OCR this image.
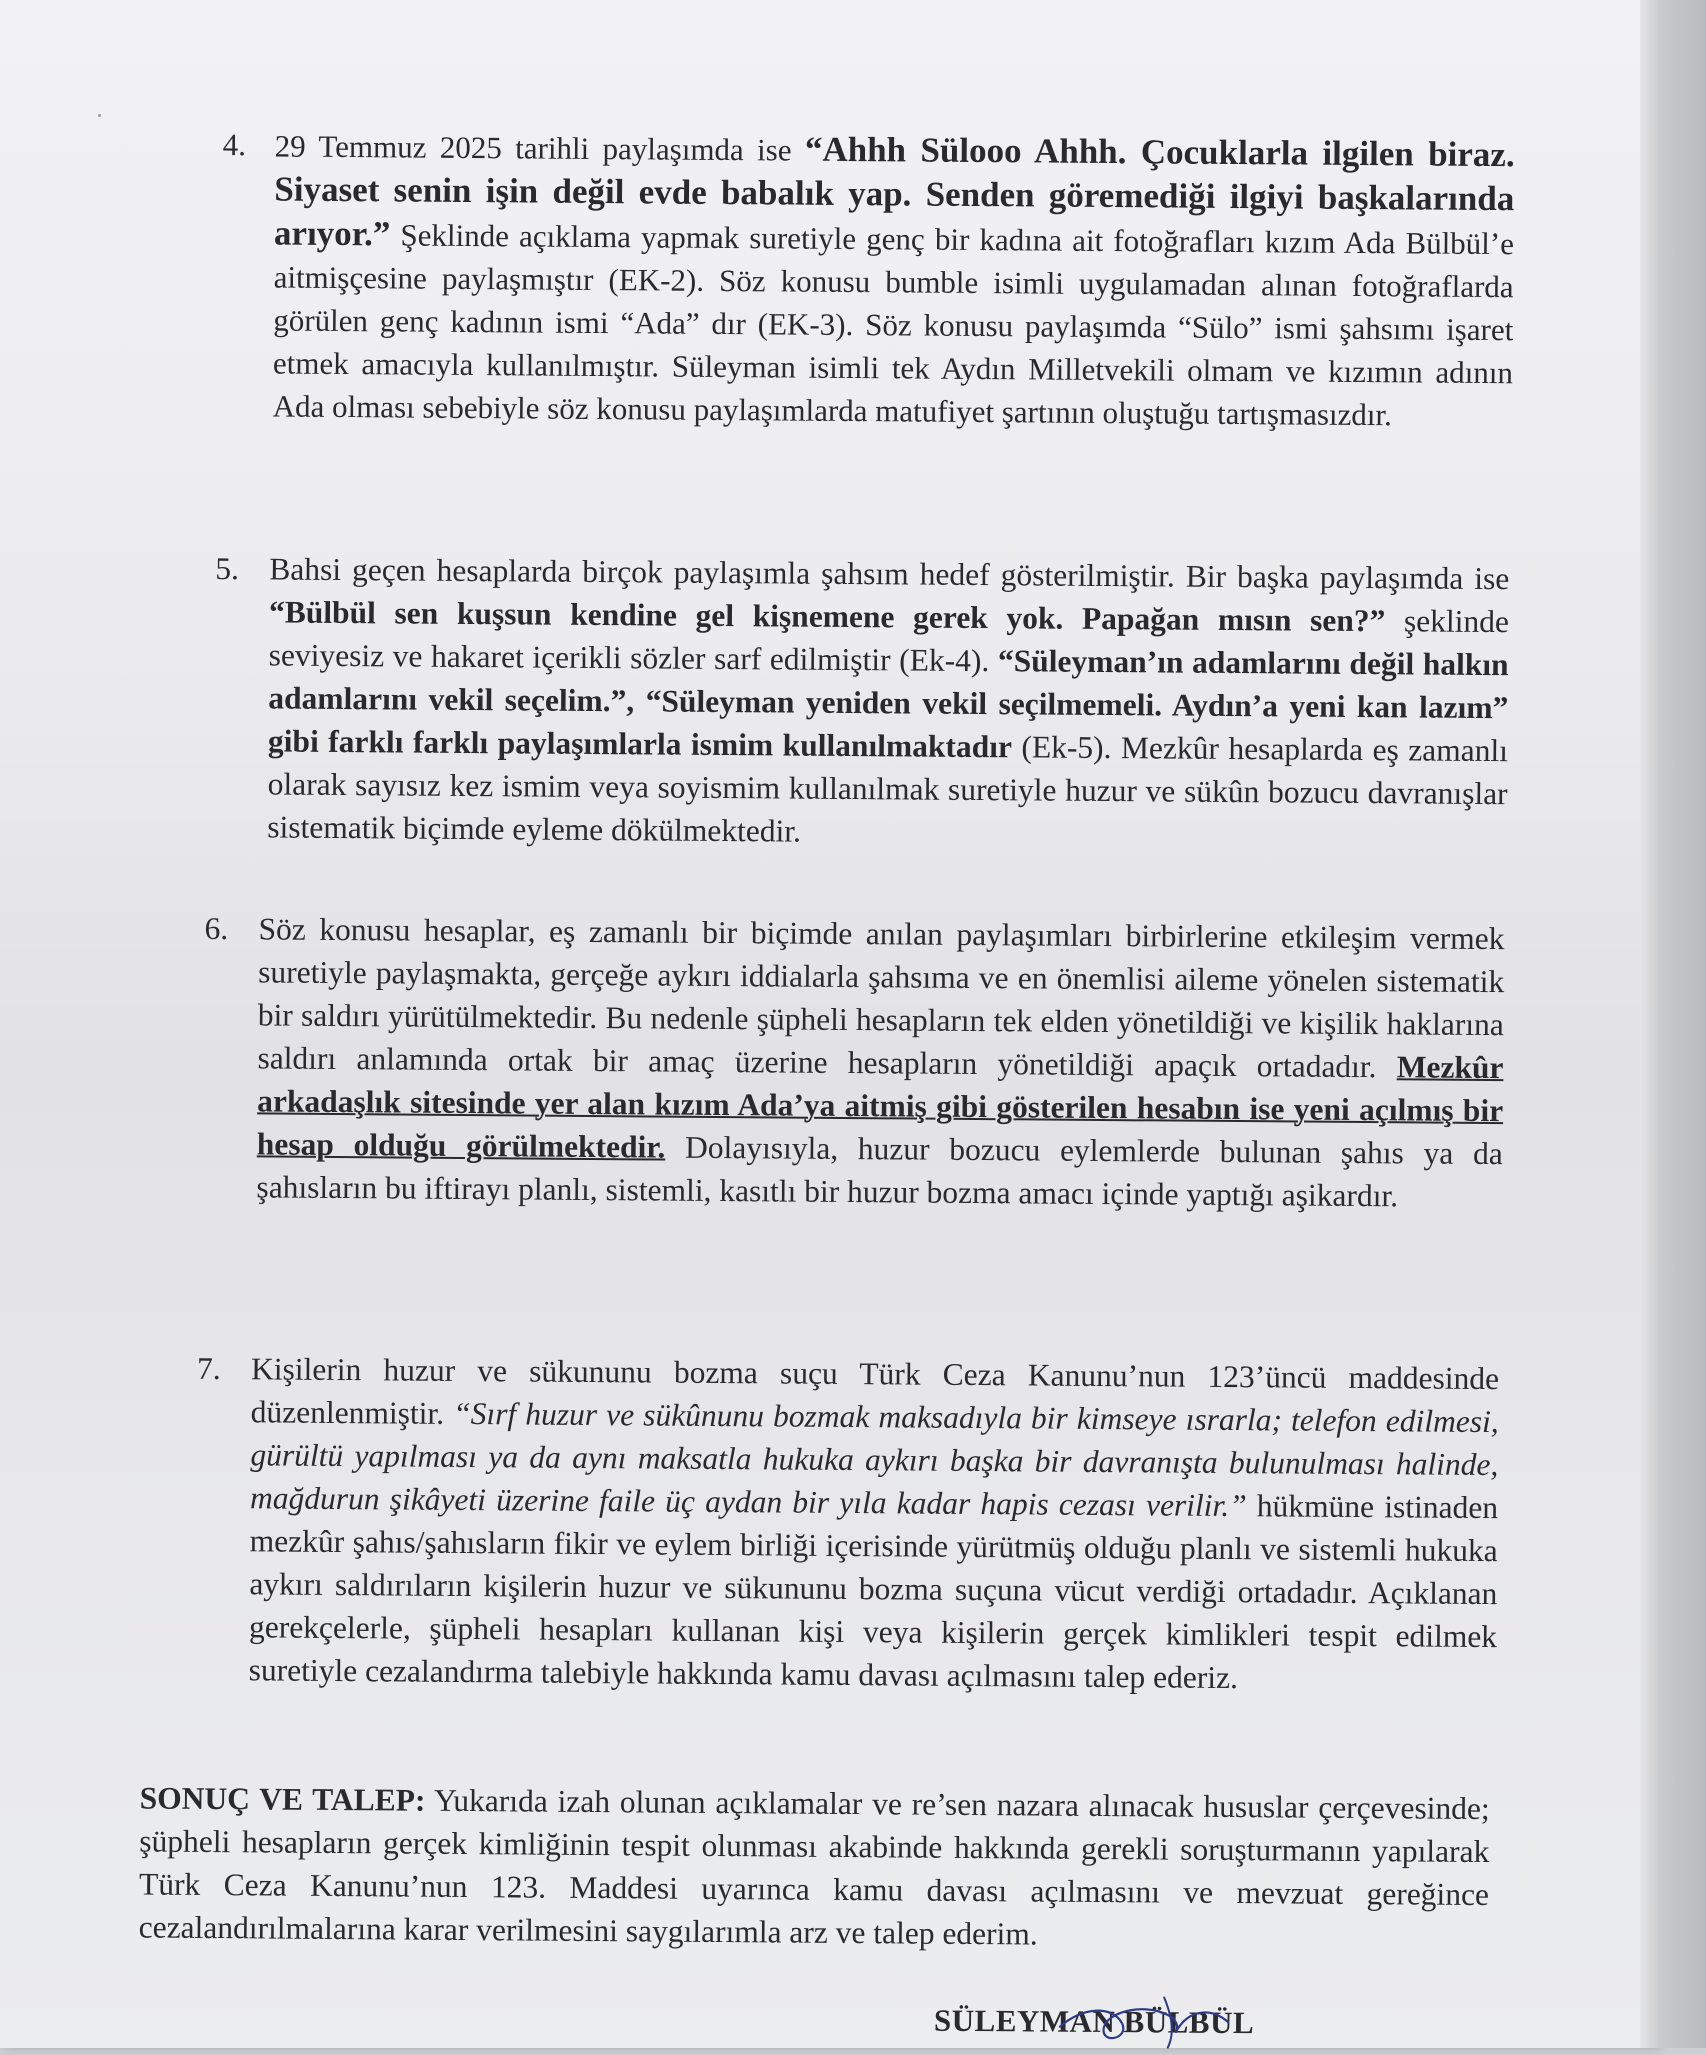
4. 29 Temmuz 2025 tarihli paylaşımda ise “Ahhh Sülooo Ahhh. Çocuklarla ilgilen biraz. Siyaset senin işin değil evde babalık yap. Senden göremediği ilgiyi başkalarında arıyor.” Şeklinde açıklama yapmak suretiyle genç bir kadına ait fotoğrafları kızım Ada Bülbül’e aitmişçesine paylaşmıştır (EK-2). Söz konusu bumble isimli uygulamadan alınan fotoğraflarda görülen genç kadının ismi “Ada” dır (EK-3). Söz konusu paylaşımda “Sülo” ismi şahsımı işaret etmek amacıyla kullanılmıştır. Süleyman isimli tek Aydın Milletvekili olmam ve kızımın adının Ada olması sebebiyle söz konusu paylaşımlarda matufiyet şartının oluştuğu tartışmasızdır.

5. Bahsi geçen hesaplarda birçok paylaşımla şahsım hedef gösterilmiştir. Bir başka paylaşımda ise “Bülbül sen kuşsun kendine gel kişnemene gerek yok. Papağan mısın sen?” şeklinde seviyesiz ve hakaret içerikli sözler sarf edilmiştir (Ek-4). “Süleyman’ın adamlarını değil halkın adamlarını vekil seçelim.”, “Süleyman yeniden vekil seçilmemeli. Aydın’a yeni kan lazım” gibi farklı farklı paylaşımlarla ismim kullanılmaktadır (Ek-5). Mezkûr hesaplarda eş zamanlı olarak sayısız kez ismim veya soyismim kullanılmak suretiyle huzur ve sükûn bozucu davranışlar sistematik biçimde eyleme dökülmektedir.

6. Söz konusu hesaplar, eş zamanlı bir biçimde anılan paylaşımları birbirlerine etkileşim vermek suretiyle paylaşmakta, gerçeğe aykırı iddialarla şahsıma ve en önemlisi aileme yönelen sistematik bir saldırı yürütülmektedir. Bu nedenle şüpheli hesapların tek elden yönetildiği ve kişilik haklarına saldırı anlamında ortak bir amaç üzerine hesapların yönetildiği apaçık ortadadır. Mezkûr arkadaşlık sitesinde yer alan kızım Ada’ya aitmiş gibi gösterilen hesabın ise yeni açılmış bir hesap olduğu görülmektedir. Dolayısıyla, huzur bozucu eylemlerde bulunan şahıs ya da şahısların bu iftirayı planlı, sistemli, kasıtlı bir huzur bozma amacı içinde yaptığı aşikardır.

7. Kişilerin huzur ve sükununu bozma suçu Türk Ceza Kanunu’nun 123’üncü maddesinde düzenlenmiştir. “Sırf huzur ve sükûnunu bozmak maksadıyla bir kimseye ısrarla; telefon edilmesi, gürültü yapılması ya da aynı maksatla hukuka aykırı başka bir davranışta bulunulması halinde, mağdurun şikâyeti üzerine faile üç aydan bir yıla kadar hapis cezası verilir.” hükmüne istinaden mezkûr şahıs/şahısların fikir ve eylem birliği içerisinde yürütmüş olduğu planlı ve sistemli hukuka aykırı saldırıların kişilerin huzur ve sükununu bozma suçuna vücut verdiği ortadadır. Açıklanan gerekçelerle, şüpheli hesapları kullanan kişi veya kişilerin gerçek kimlikleri tespit edilmek suretiyle cezalandırma talebiyle hakkında kamu davası açılmasını talep ederiz.

SONUÇ VE TALEP: Yukarıda izah olunan açıklamalar ve re’sen nazara alınacak hususlar çerçevesinde; şüpheli hesapların gerçek kimliğinin tespit olunması akabinde hakkında gerekli soruşturmanın yapılarak Türk Ceza Kanunu’nun 123. Maddesi uyarınca kamu davası açılmasını ve mevzuat gereğince cezalandırılmalarına karar verilmesini saygılarımla arz ve talep ederim.
SÜLEYMAN BÜLBÜL
